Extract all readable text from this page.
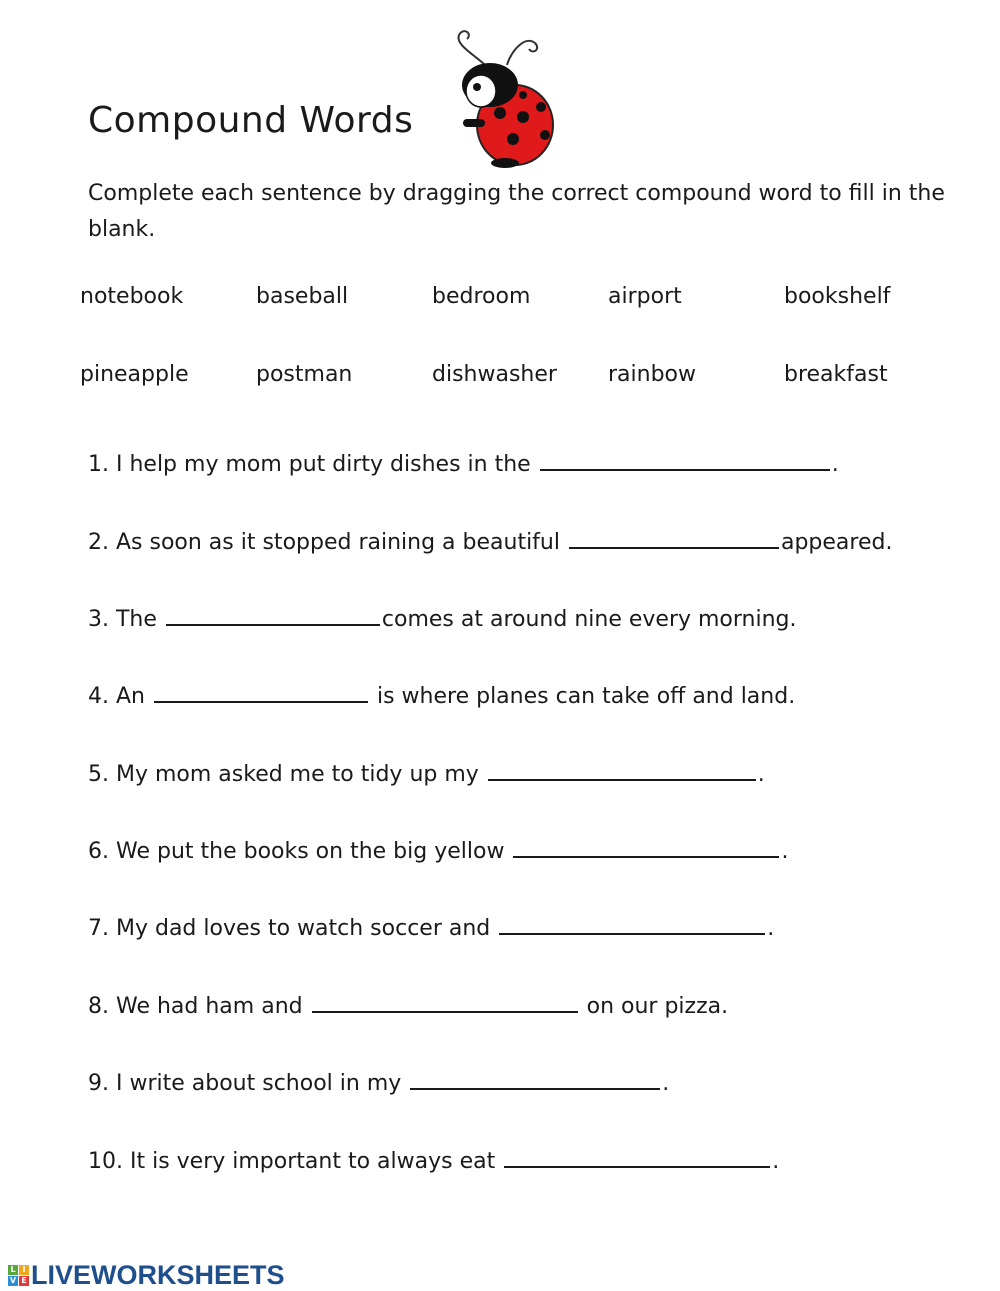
Compound Words
Complete each sentence by dragging the correct compound word to fill in the blank.
notebook	baseball	bedroom	airport	bookshelf
pineapple	postman	dishwasher rainbow	breakfast
1. I help my mom put dirty dishes in the	.
2. As soon as it stopped raining a beautiful	appeared.
3. The	comes at around nine every morning.
4. An	is where planes can take off and land.
5. My mom asked me to tidy up my	.
6. We put the books on the big yellow	.
7. My dad loves to watch soccer and	.
8. We had ham and	on our pizza.
9. I write about school in my	.
10. It is very important to always eat	.
L I
V E LIVEWORKSHEETS
